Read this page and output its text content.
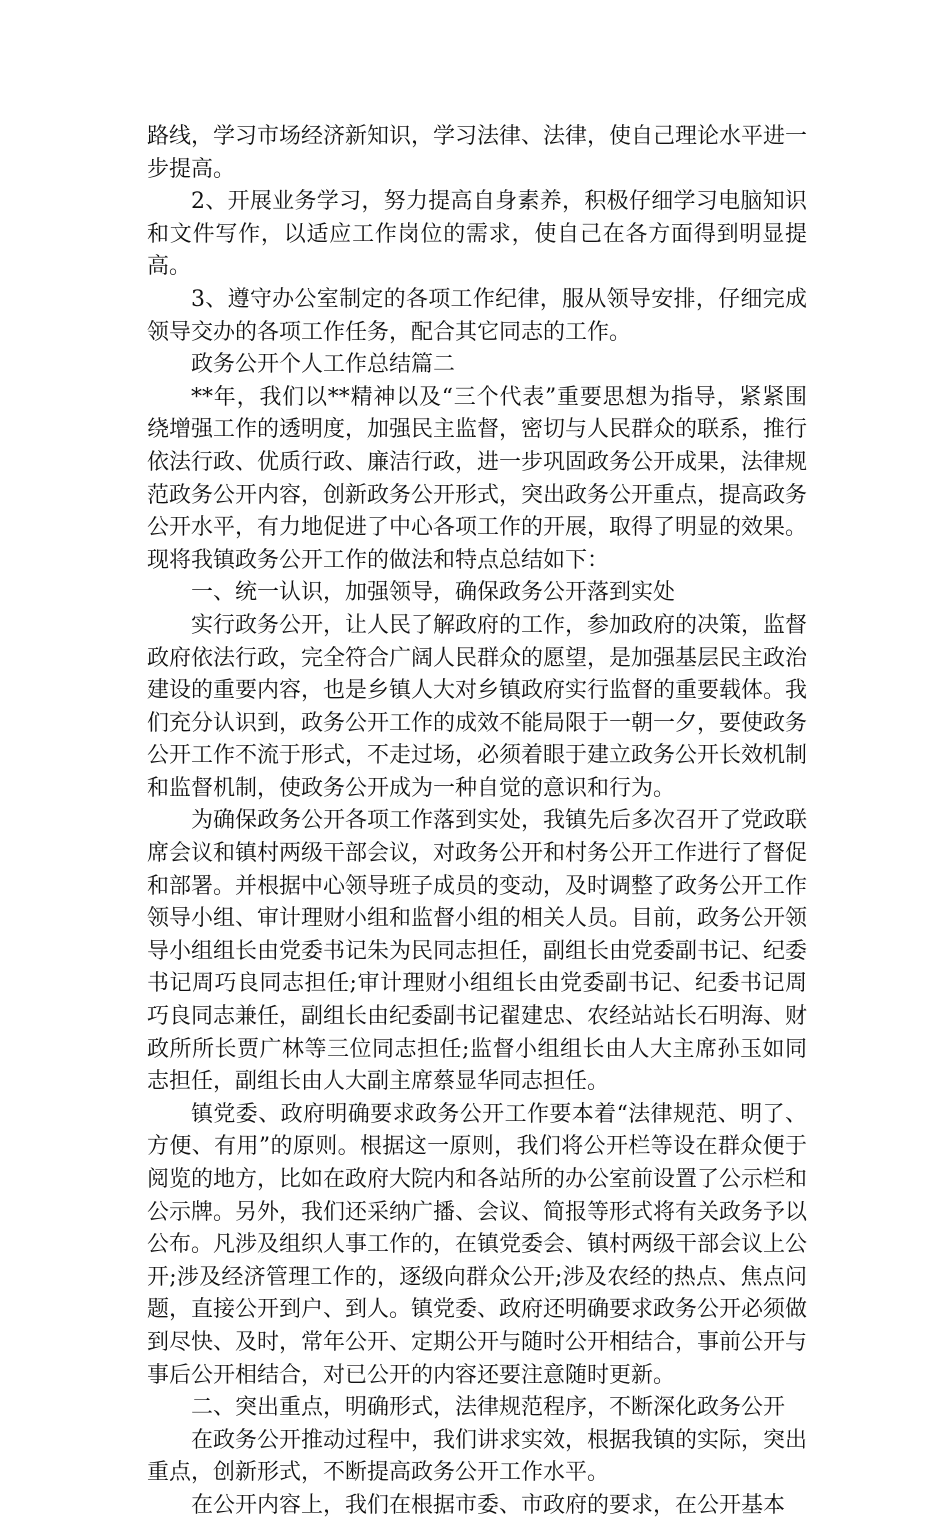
路线，学习市场经济新知识，学习法律、法律，使自己理论水平进一步提高。

2、开展业务学习，努力提高自身素养，积极仔细学习电脑知识和文件写作，以适应工作岗位的需求，使自己在各方面得到明显提高。

3、遵守办公室制定的各项工作纪律，服从领导安排，仔细完成领导交办的各项工作任务，配合其它同志的工作。

政务公开个人工作总结篇二

**年，我们以**精神以及“三个代表”重要思想为指导，紧紧围绕增强工作的透明度，加强民主监督，密切与人民群众的联系，推行依法行政、优质行政、廉洁行政，进一步巩固政务公开成果，法律规范政务公开内容，创新政务公开形式，突出政务公开重点，提高政务公开水平，有力地促进了中心各项工作的开展，取得了明显的效果。现将我镇政务公开工作的做法和特点总结如下：

一、统一认识，加强领导，确保政务公开落到实处

实行政务公开，让人民了解政府的工作，参加政府的决策，监督政府依法行政，完全符合广阔人民群众的愿望，是加强基层民主政治建设的重要内容，也是乡镇人大对乡镇政府实行监督的重要载体。我们充分认识到，政务公开工作的成效不能局限于一朝一夕，要使政务公开工作不流于形式，不走过场，必须着眼于建立政务公开长效机制和监督机制，使政务公开成为一种自觉的意识和行为。

为确保政务公开各项工作落到实处，我镇先后多次召开了党政联席会议和镇村两级干部会议，对政务公开和村务公开工作进行了督促和部署。并根据中心领导班子成员的变动，及时调整了政务公开工作领导小组、审计理财小组和监督小组的相关人员。目前，政务公开领导小组组长由党委书记朱为民同志担任，副组长由党委副书记、纪委书记周巧良同志担任;审计理财小组组长由党委副书记、纪委书记周巧良同志兼任，副组长由纪委副书记翟建忠、农经站站长石明海、财政所所长贾广林等三位同志担任;监督小组组长由人大主席孙玉如同志担任，副组长由人大副主席蔡显华同志担任。

镇党委、政府明确要求政务公开工作要本着“法律规范、明了、方便、有用”的原则。根据这一原则，我们将公开栏等设在群众便于阅览的地方，比如在政府大院内和各站所的办公室前设置了公示栏和公示牌。另外，我们还采纳广播、会议、简报等形式将有关政务予以公布。凡涉及组织人事工作的，在镇党委会、镇村两级干部会议上公开;涉及经济管理工作的，逐级向群众公开;涉及农经的热点、焦点问题，直接公开到户、到人。镇党委、政府还明确要求政务公开必须做到尽快、及时，常年公开、定期公开与随时公开相结合，事前公开与事后公开相结合，对已公开的内容还要注意随时更新。

二、突出重点，明确形式，法律规范程序，不断深化政务公开

在政务公开推动过程中，我们讲求实效，根据我镇的实际，突出重点，创新形式，不断提高政务公开工作水平。

在公开内容上，我们在根据市委、市政府的要求，在公开基本
